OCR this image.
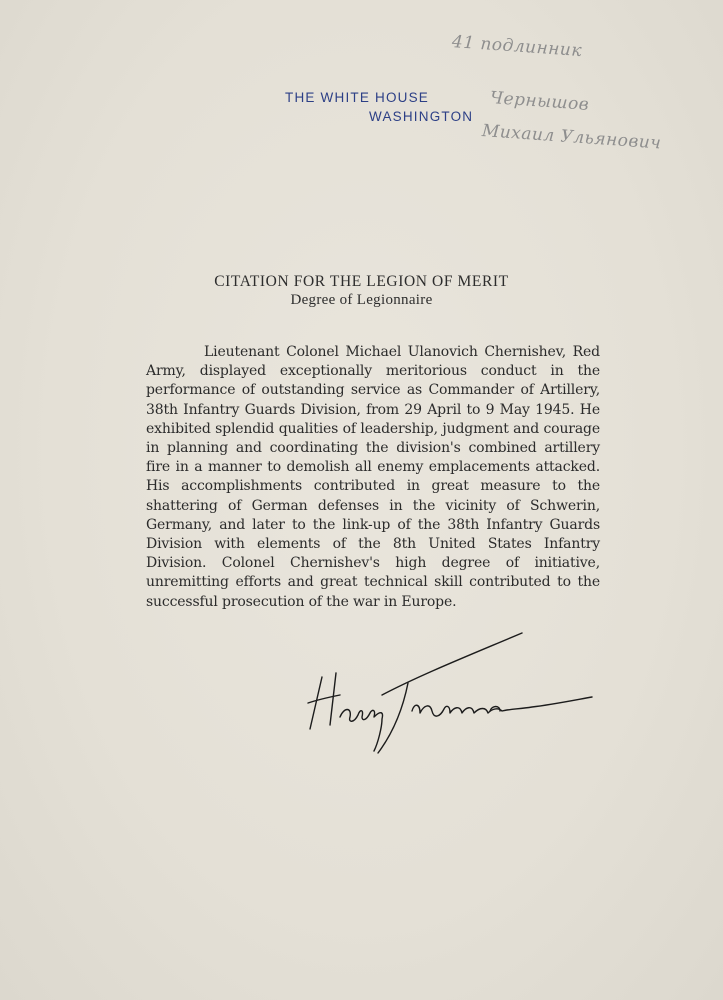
THE WHITE HOUSE
WASHINGTON
41 подлинник
Чернышов
Михаил Ульянович
CITATION FOR THE LEGION OF MERIT
Degree of Legionnaire

Lieutenant Colonel Michael Ulanovich Chernishev, Red Army, displayed exceptionally meritorious conduct in the performance of outstanding service as Commander of Artillery, 38th Infantry Guards Division, from 29 April to 9 May 1945. He exhibited splendid qualities of leadership, judgment and courage in planning and coordinating the division's combined artillery fire in a manner to demolish all enemy emplacements attacked. His accomplishments contributed in great measure to the shattering of German defenses in the vicinity of Schwerin, Germany, and later to the link-up of the 38th Infantry Guards Division with elements of the 8th United States Infantry Division. Colonel Chernishev's high degree of initiative, unremitting efforts and great technical skill contributed to the successful prosecution of the war in Europe.
